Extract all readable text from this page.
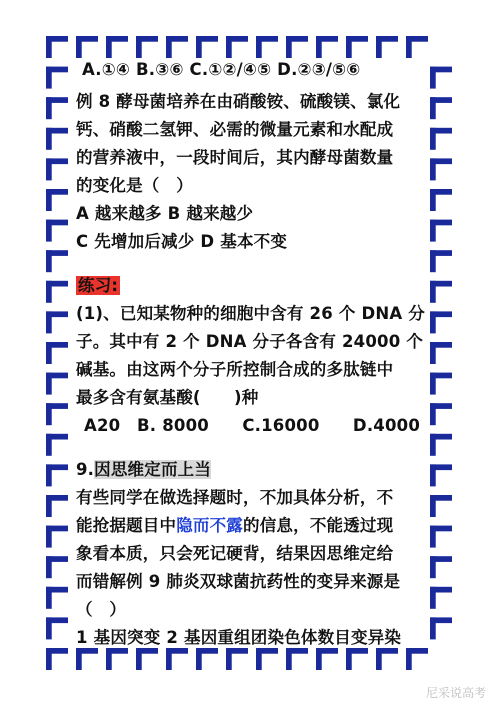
A.①④ B.③⑥ C.①②/④⑤ D.②③/⑤⑥
例 8 酵母菌培养在由硝酸铵、硫酸镁、氯化
钙、硝酸二氢钾、必需的微量元素和水配成
的营养液中，一段时间后，其内酵母菌数量
的变化是（　）
A 越来越多 B 越来越少
C 先增加后减少 D 基本不变
练习:
(1)、已知某物种的细胞中含有 26 个 DNA 分
子。其中有 2 个 DNA 分子各含有 24000 个
碱基。由这两个分子所控制合成的多肽链中
最多含有氨基酸(　　)种
A20　B. 8000　　C.16000　　D.4000
9.因思维定而上当
有些同学在做选择题时，不加具体分析，不
能抢据题目中隐而不露的信息，不能透过现
象看本质，只会死记硬背，结果因思维定给
而错解例 9 肺炎双球菌抗药性的变异来源是
（　）
1 基因突变 2 基因重组团染色体数目变异染
尼采说高考
